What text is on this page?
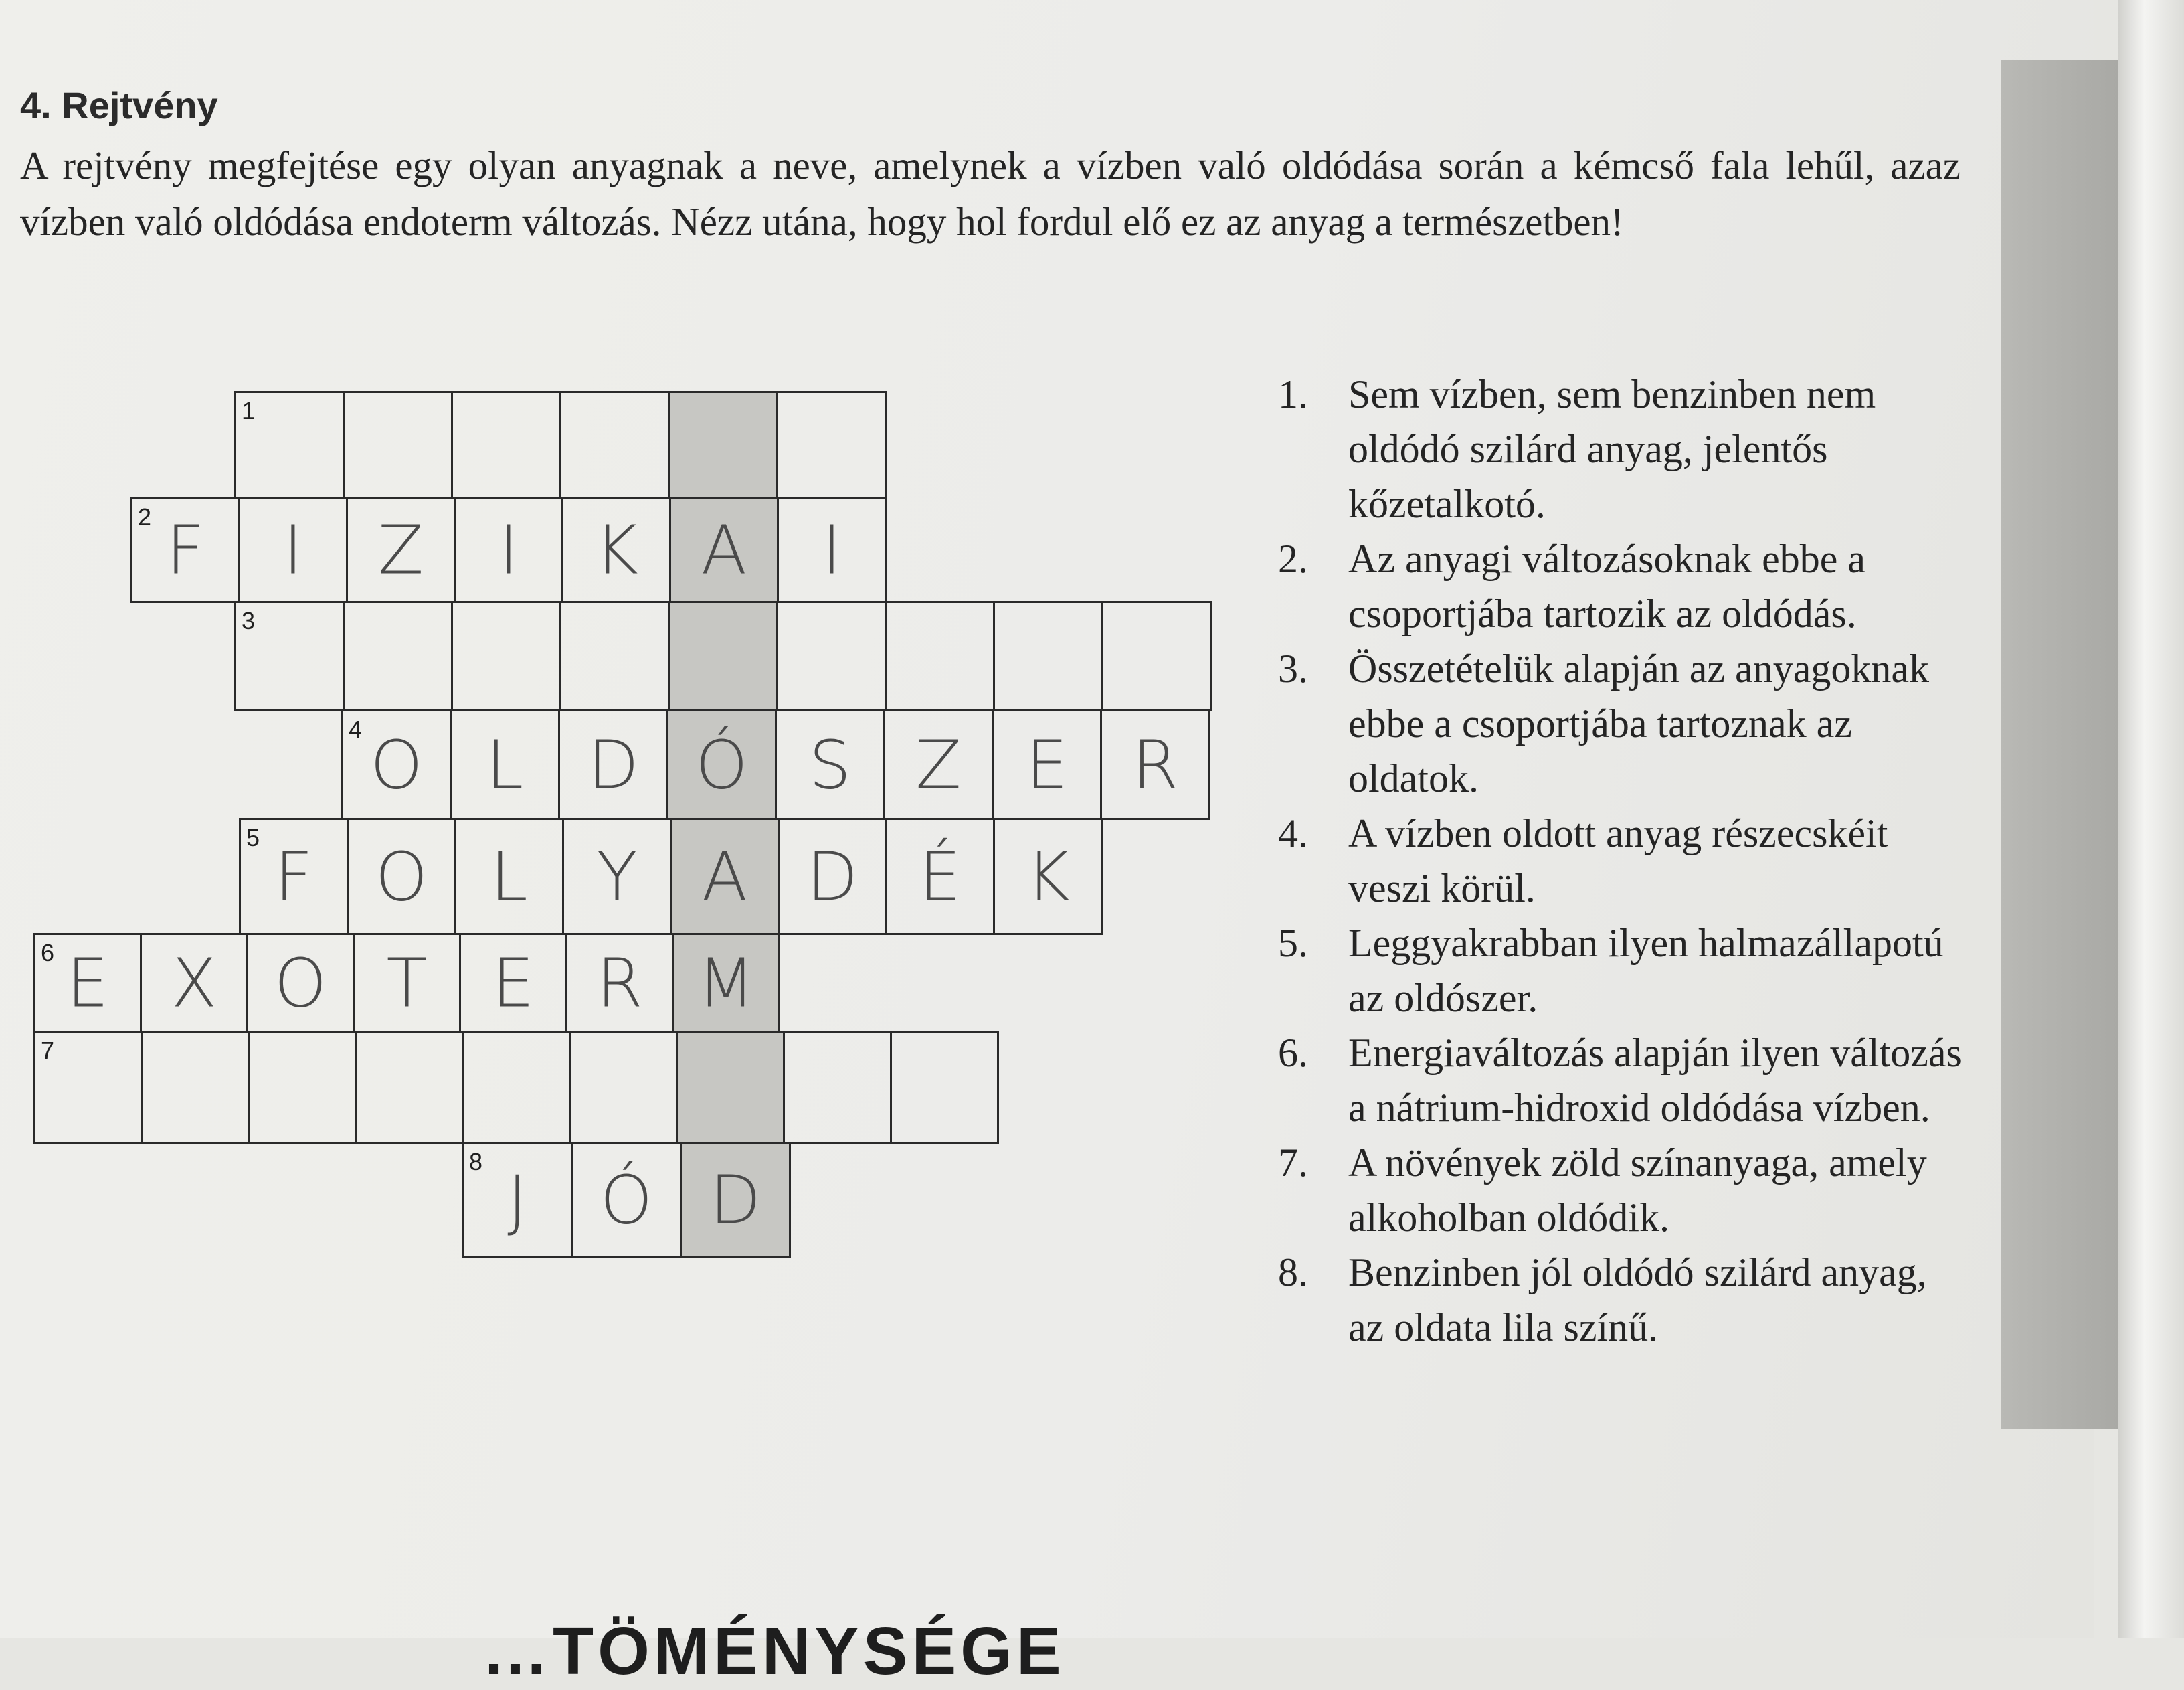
4. Rejtvény

A rejtvény megfejtése egy olyan anyagnak a neve, amelynek a vízben való oldódása során a kémcső fala lehűl, azaz vízben való oldódása endoterm változás. Nézz utána, hogy hol fordul elő ez az anyag a természetben!

1
2 F	I	Z	I	K A	I
3
4 O L D Ó S Z E R
5 F O L	Y A D É K
6 E X O T E R M
7
8 J	Ó D
1. Sem vízben, sem benzinben nem oldódó szilárd anyag, jelentős kőzetalkotó.
2. Az anyagi változásoknak ebbe a csoportjába tartozik az oldódás.
3. Összetételük alapján az anyagoknak ebbe a csoportjába tartoznak az oldatok.
4. A vízben oldott anyag részecskéit veszi körül.
5. Leggyakrabban ilyen halmazállapotú az oldószer.
6. Energiaváltozás alapján ilyen változás a nátrium-hidroxid oldódása vízben.
7. A növények zöld színanyaga, amely alkoholban oldódik.
8. Benzinben jól oldódó szilárd anyag, az oldata lila színű.
…TÖMÉNYSÉGE
